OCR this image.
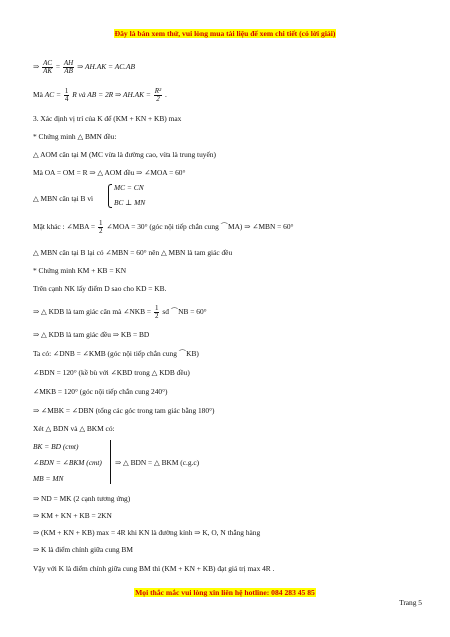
Đây là bản xem thử, vui lòng mua tài liệu để xem chi tiết (có lời giải)
⇒ $\frac{AC}{AK} = \frac{AH}{AB}$ ⇒ AH.AK = AC.AB
Mà AC = $\frac{1}{4}$ R và AB = 2R ⇒ $AH.AK = \frac{\text{R²}}{2}$ .
3. Xác định vị trí của K để (KM + KN + KB) max
* Chứng minh △ BMN đều:
△ AOM cân tại M (MC vừa là đường cao, vừa là trung tuyến)
Mà OA = OM = R ⇒ △ AOM đều ⇒ ∠MOA = 60°
△ MBN cân tại B vì
MC = CN
BC ⊥ MN
Mặt khác : ∠MBA = $\frac{1}{2}$ ∠MOA = 30° (góc nội tiếp chắn cung ⌒MA) ⇒ ∠MBN = 60°
△ MBN cân tại B lại có ∠MBN = 60° nên △ MBN là tam giác đều
* Chứng minh KM + KB = KN
Trên cạnh NK lấy điểm D sao cho KD = KB.
⇒ △ KDB là tam giác cân mà ∠NKB = $\frac{1}{2}$ sđ ⌒NB = 60°
⇒ △ KDB là tam giác đều ⇒ KB = BD
Ta có: ∠DNB = ∠KMB (góc nội tiếp chắn cung ⌒KB)
∠BDN = 120° (kề bù với ∠KBD trong △ KDB đều)
∠MKB = 120° (góc nội tiếp chắn cung 240°)
⇒ ∠MBK = ∠DBN (tổng các góc trong tam giác bằng 180°)
Xét △ BDN và △ BKM có:
BK = BD (cmt)
∠BDN = ∠BKM (cmt)
MB = MN
⇒ △ BDN = △ BKM (c.g.c)
⇒ ND = MK (2 cạnh tương ứng)
⇒ KM + KN + KB = 2KN
⇒ (KM + KN + KB) max = 4R khi KN là đường kính ⇒ K, O, N thẳng hàng
⇒ K là điểm chính giữa cung BM
Vậy với K là điểm chính giữa cung BM thì (KM + KN + KB) đạt giá trị max 4R .
Mọi thắc mắc vui lòng xin liên hệ hotline: 084 283 45 85
Trang 5
